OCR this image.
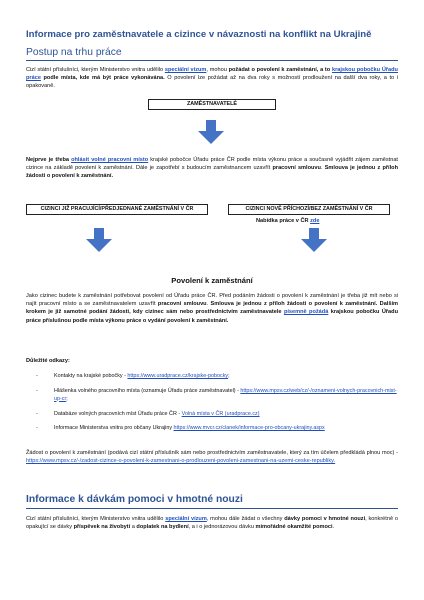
Informace pro zaměstnavatele a cizince v návaznosti na konflikt na Ukrajině
Postup na trhu práce
Cizí státní příslušníci, kterým Ministerstvo vnitra udělilo speciální vízum, mohou požádat o povolení k zaměstnání, a to krajskou pobočku Úřadu práce podle místa, kde má být práce vykonávána. O povolení lze požádat až na dva roky s možností prodloužení na další dva roky, a to i opakovaně.
ZAMĚSTNAVATELÉ
Nejprve je třeba ohlásit volné pracovní místo krajské pobočce Úřadu práce ČR podle místa výkonu práce a současně vyjádřit zájem zaměstnat cizince na základě povolení k zaměstnání. Dále je zapotřebí s budoucím zaměstnancem uzavřít pracovní smlouvu. Smlouva je jednou z příloh žádosti o povolení k zaměstnání.
CIZINCI JIŽ PRACUJÍCÍ/PŘEDJEDNANÉ ZAMĚSTNÁNÍ V ČR	CIZINCI NOVĚ PŘÍCHOZÍ/BEZ ZAMĚSTNÁNÍ V ČR
Nabídka práce v ČR zde
Povolení k zaměstnání
Jako cizinec budete k zaměstnání potřebovat povolení od Úřadu práce ČR. Před podáním žádosti o povolení k zaměstnání je třeba již mít nebo si najít pracovní místo a se zaměstnavatelem uzavřít pracovní smlouvu. Smlouva je jednou z příloh žádosti o povolení k zaměstnání. Dalším krokem je již samotné podání žádosti, kdy cizinec sám nebo prostřednictvím zaměstnavatele písemně požádá krajskou pobočku Úřadu práce příslušnou podle místa výkonu práce o vydání povolení k zaměstnání.
Důležité odkazy:
-	Kontakty na krajské pobočky - https://www.uradprace.cz/krajske-pobocky;
-	Hlášenka volného pracovního místa (oznamuje Úřadu práce zaměstnavatel) - https://www.mpsv.cz/web/cz/-/oznameni-volnych-pracovnich-mist-up-cr;
-	Databáze volných pracovních míst Úřadu práce ČR - Volná místa v ČR (uradprace.cz)
-	Informace Ministerstva vnitra pro občany Ukrajiny https://www.mvcr.cz/clanek/informace-pro-obcany-ukrajiny.aspx
Žádost o povolení k zaměstnání (podává cizí státní příslušník sám nebo prostřednictvím zaměstnavatele, který za tím účelem předkládá plnou moc) - https://www.mpsv.cz/-/zadost-cizince-o-povoleni-k-zamestnani-o-prodlouzeni-povoleni-zamestnani-na-uzemi-ceske-republiky.
Informace k dávkám pomoci v hmotné nouzi
Cizí státní příslušníci, kterým Ministerstvo vnitra udělilo speciální vízum, mohou dále žádat o všechny dávky pomoci v hmotné nouzi, konkrétně o opakující se dávky příspěvek na živobytí a doplatek na bydlení, a i o jednorázovou dávku mimořádné okamžité pomoci.
